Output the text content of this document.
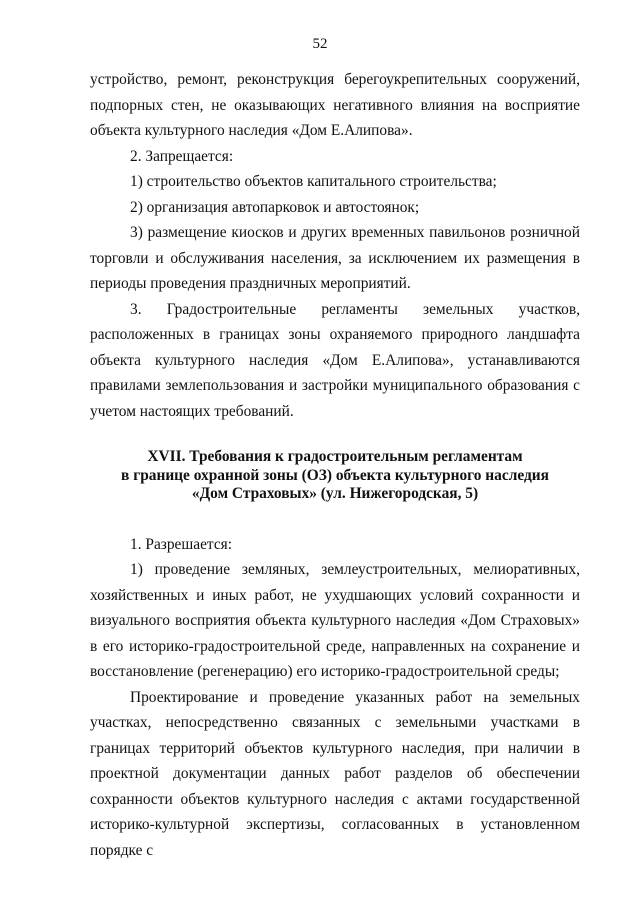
52

устройство, ремонт, реконструкция берегоукрепительных сооружений, подпорных стен, не оказывающих негативного влияния на восприятие объекта культурного наследия «Дом Е.Алипова».

2. Запрещается:

1) строительство объектов капитального строительства;

2) организация автопарковок и автостоянок;

3) размещение киосков и других временных павильонов розничной торговли и обслуживания населения, за исключением их размещения в периоды проведения праздничных мероприятий.

3. Градостроительные регламенты земельных участков, расположенных в границах зоны охраняемого природного ландшафта объекта культурного наследия «Дом Е.Алипова», устанавливаются правилами землепользования и застройки муниципального образования с учетом настоящих требований.

XVII. Требования к градостроительным регламентам
в границе охранной зоны (ОЗ) объекта культурного наследия
«Дом Страховых» (ул. Нижегородская, 5)

1. Разрешается:

1) проведение земляных, землеустроительных, мелиоративных, хозяйственных и иных работ, не ухудшающих условий сохранности и визуального восприятия объекта культурного наследия «Дом Страховых» в его историко-градостроительной среде, направленных на сохранение и восстановление (регенерацию) его историко-градостроительной среды;

Проектирование и проведение указанных работ на земельных участках, непосредственно связанных с земельными участками в границах территорий объектов культурного наследия, при наличии в проектной документации данных работ разделов об обеспечении сохранности объектов культурного наследия с актами государственной историко-культурной экспертизы, согласованных в установленном порядке с
